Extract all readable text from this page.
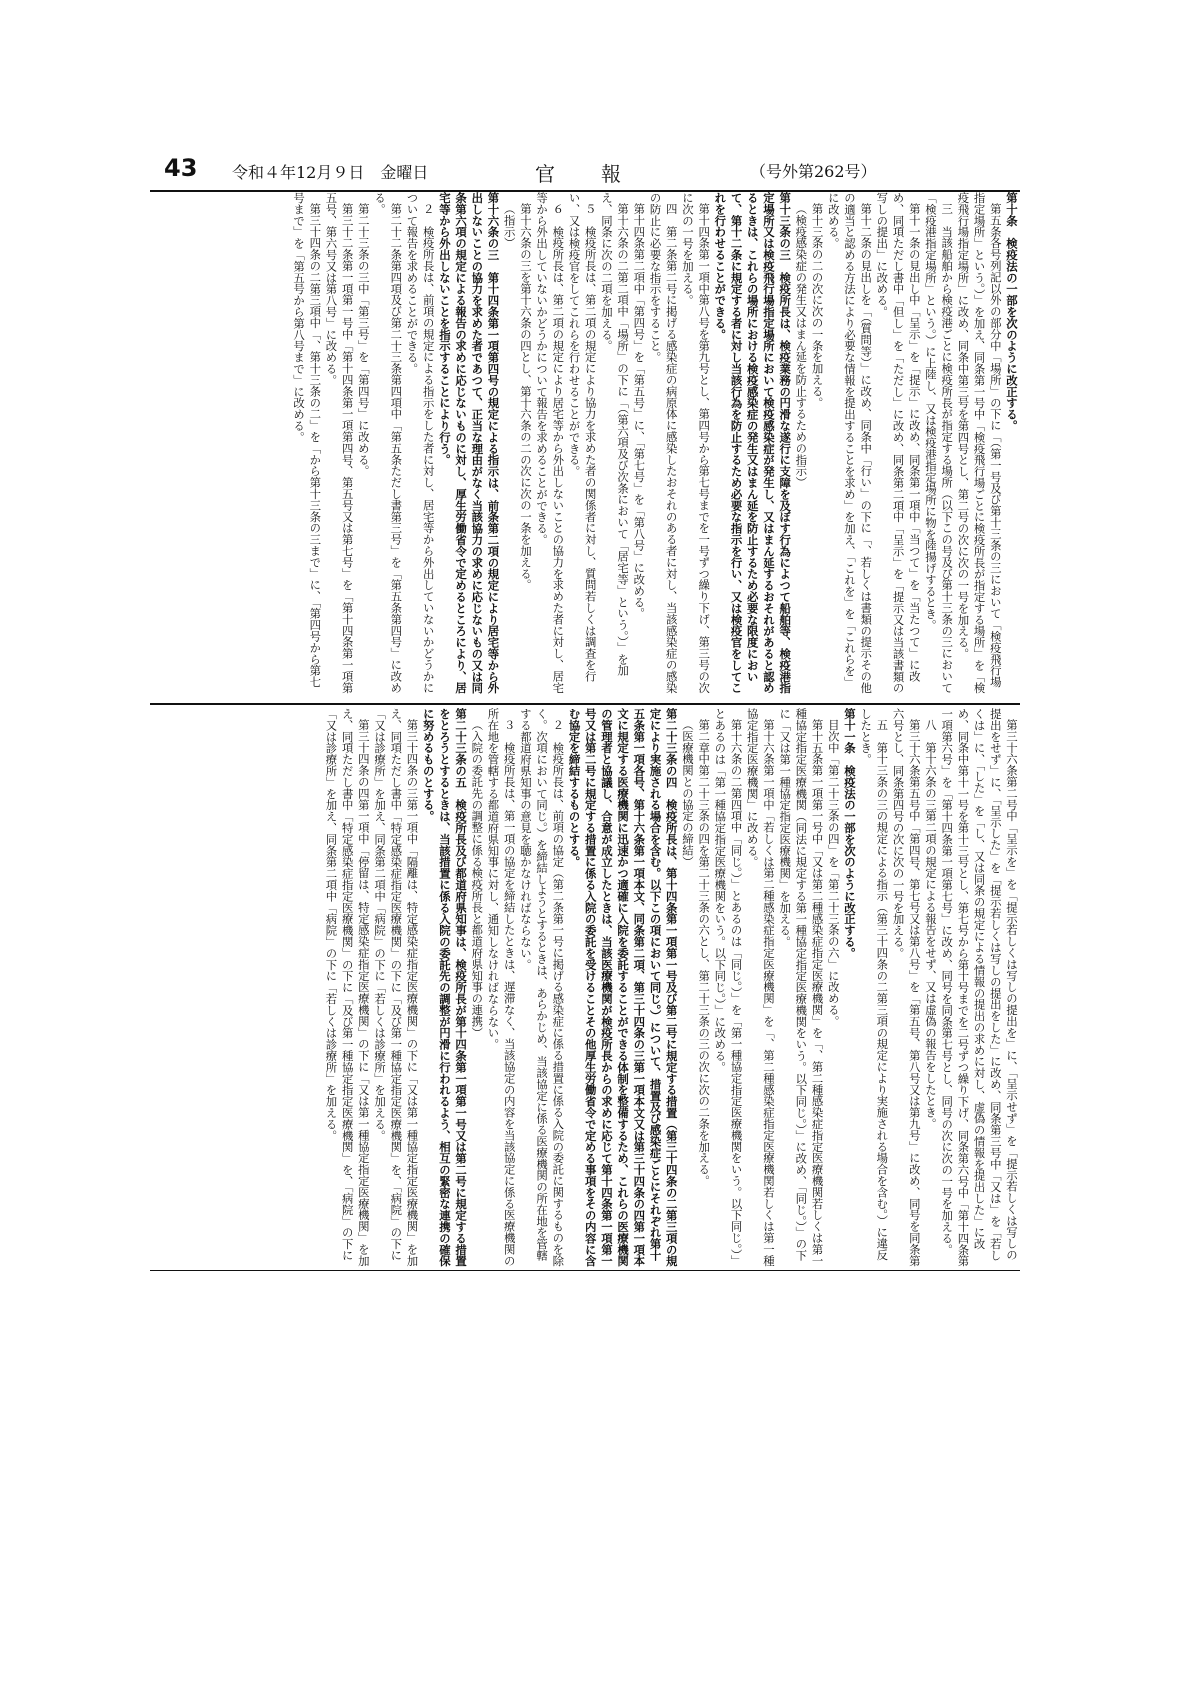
43 令和４年12月９日　金曜日	官報	（号外第262号）

第十条　検疫法の一部を次のように改正する。

第五条各号列記以外の部分中「場所」の下に「（第一号及び第十三条の三において「検疫飛行場指定場所」という。）」を加え、同条第一号中「検疫飛行場ごとに検疫所長が指定する場所」を「検疫飛行場指定場所」に改め、同条中第三号を第四号とし、第二号の次に次の一号を加える。

三　当該船舶から検疫港ごとに検疫所長が指定する場所（以下この号及び第十三条の三において「検疫港指定場所」という。）に上陸し、又は検疫港指定場所に物を陸揚げするとき。

第十一条の見出し中「呈示」を「提示」に改め、同条第一項中「当つて」を「当たつて」に改め、同項ただし書中「但し」を「ただし」に改め、同条第二項中「呈示」を「提示又は当該書類の写しの提出」に改める。

第十二条の見出しを「（質問等）」に改め、同条中「行い」の下に「、若しくは書類の提示その他の適当と認める方法により必要な情報を提出することを求め」を加え、「これを」を「これらを」に改める。

第十三条の二の次に次の一条を加える。

（検疫感染症の発生又はまん延を防止するための指示）

第十三条の三　検疫所長は、検疫業務の円滑な遂行に支障を及ぼす行為によつて船舶等、検疫港指定場所又は検疫飛行場指定場所において検疫感染症が発生し、又はまん延するおそれがあると認めるときは、これらの場所における検疫感染症の発生又はまん延を防止するため必要な限度において、第十二条に規定する者に対し当該行為を防止するため必要な指示を行い、又は検疫官をしてこれを行わせることができる。

第十四条第一項中第八号を第九号とし、第四号から第七号までを一号ずつ繰り下げ、第三号の次に次の一号を加える。

四　第二条第二号に掲げる感染症の病原体に感染したおそれのある者に対し、当該感染症の感染の防止に必要な指示をすること。

第十四条第二項中「第四号」を「第五号」に、「第七号」を「第八号」に改める。

第十六条の二第二項中「場所」の下に「（第六項及び次条において「居宅等」という。）」を加え、同条に次の二項を加える。

５　検疫所長は、第二項の規定により協力を求めた者の関係者に対し、質問若しくは調査を行い、又は検疫官をしてこれらを行わせることができる。

６　検疫所長は、第二項の規定により居宅等から外出しないことの協力を求めた者に対し、居宅等から外出していないかどうかについて報告を求めることができる。

第十六条の三を第十六条の四とし、第十六条の二の次に次の一条を加える。

（指示）

第十六条の三　第十四条第一項第四号の規定による指示は、前条第二項の規定により居宅等から外出しないことの協力を求めた者であつて、正当な理由がなく当該協力の求めに応じないもの又は同条第六項の規定による報告の求めに応じないものに対し、厚生労働省令で定めるところにより、居宅等から外出しないことを指示することにより行う。

２　検疫所長は、前項の規定による指示をした者に対し、居宅等から外出していないかどうかについて報告を求めることができる。

第二十二条第四項及び第二十三条第四項中「第五条ただし書第三号」を「第五条第四号」に改める。

第二十三条の三中「第三号」を「第四号」に改める。

第三十二条第一項第一号中「第十四条第一項第四号、第五号又は第七号」を「第十四条第一項第五号、第六号又は第八号」に改める。

第三十四条の二第三項中「、第十三条の二」を「から第十三条の三まで」に、「第四号から第七号まで」を「第五号から第八号まで」に改める。

第三十六条第二号中「呈示を」を「提示若しくは写しの提出を」に、「呈示せず」を「提示若しくは写しの提出をせず」に、「呈示した」を「提示若しくは写しの提出をした」に改め、同条第三号中「又は」を「若しくは」に、「した」を「し、又は同条の規定による情報の提出の求めに対し、虚偽の情報を提出した」に改め、同条中第十一号を第十三号とし、第七号から第十号までを二号ずつ繰り下げ、同条第六号中「第十四条第一項第六号」を「第十四条第一項第七号」に改め、同号を同条第七号とし、同号の次に次の一号を加える。

八　第十六条の三第二項の規定による報告をせず、又は虚偽の報告をしたとき。

第三十六条第五号中「第四号、第七号又は第八号」を「第五号、第八号又は第九号」に改め、同号を同条第六号とし、同条第四号の次に次の一号を加える。

五　第十三条の三の規定による指示（第三十四条の二第三項の規定により実施される場合を含む。）に違反したとき。

第十一条　検疫法の一部を次のように改正する。

目次中「第二十三条の四」を「第二十三条の六」に改める。

第十五条第一項第一号中「又は第二種感染症指定医療機関」を「、第二種感染症指定医療機関若しくは第一種協定指定医療機関（同法に規定する第一種協定指定医療機関をいう。以下同じ。）」に改め、「同じ。）」の下に「又は第一種協定指定医療機関」を加える。

第十六条第一項中「若しくは第二種感染症指定医療機関」を「、第二種感染症指定医療機関若しくは第一種協定指定医療機関」に改める。

第十六条の二第四項中「同じ。）」とあるのは「同じ。）」を「第一種協定指定医療機関をいう。以下同じ。）」とあるのは「第一種協定指定医療機関をいう。以下同じ。）」に改める。

第二章中第二十三条の四を第二十三条の六とし、第二十三条の三の次に次の二条を加える。

（医療機関との協定の締結）

第二十三条の四　検疫所長は、第十四条第一項第一号及び第二号に規定する措置（第三十四条の二第三項の規定により実施される場合を含む。以下この項において同じ。）について、措置及び感染症ごとにそれぞれ第十五条第一項各号、第十六条第一項本文、同条第二項、第三十四条の三第一項本文又は第三十四条の四第一項本文に規定する医療機関に迅速かつ適確に入院を委託することができる体制を整備するため、これらの医療機関の管理者と協議し、合意が成立したときは、当該医療機関が検疫所長からの求めに応じて第十四条第一項第一号又は第二号に規定する措置に係る入院の委託を受けることその他厚生労働省令で定める事項をその内容に含む協定を締結するものとする。

２　検疫所長は、前項の協定（第二条第一号に掲げる感染症に係る措置に係る入院の委託に関するものを除く。次項において同じ。）を締結しようとするときは、あらかじめ、当該協定に係る医療機関の所在地を管轄する都道府県知事の意見を聴かなければならない。

３　検疫所長は、第一項の協定を締結したときは、遅滞なく、当該協定の内容を当該協定に係る医療機関の所在地を管轄する都道府県知事に対し、通知しなければならない。

（入院の委託先の調整に係る検疫所長と都道府県知事の連携）

第二十三条の五　検疫所長及び都道府県知事は、検疫所長が第十四条第一項第一号又は第二号に規定する措置をとろうとするときは、当該措置に係る入院の委託先の調整が円滑に行われるよう、相互の緊密な連携の確保に努めるものとする。

第三十四条の三第一項中「隔離は、特定感染症指定医療機関」の下に「又は第一種協定指定医療機関」を加え、同項ただし書中「特定感染症指定医療機関」の下に「及び第一種協定指定医療機関」を、「病院」の下に「又は診療所」を加え、同条第二項中「病院」の下に「若しくは診療所」を加える。

第三十四条の四第一項中「停留は、特定感染症指定医療機関」の下に「又は第一種協定指定医療機関」を加え、同項ただし書中「特定感染症指定医療機関」の下に「及び第一種協定指定医療機関」を、「病院」の下に「又は診療所」を加え、同条第二項中「病院」の下に「若しくは診療所」を加える。
